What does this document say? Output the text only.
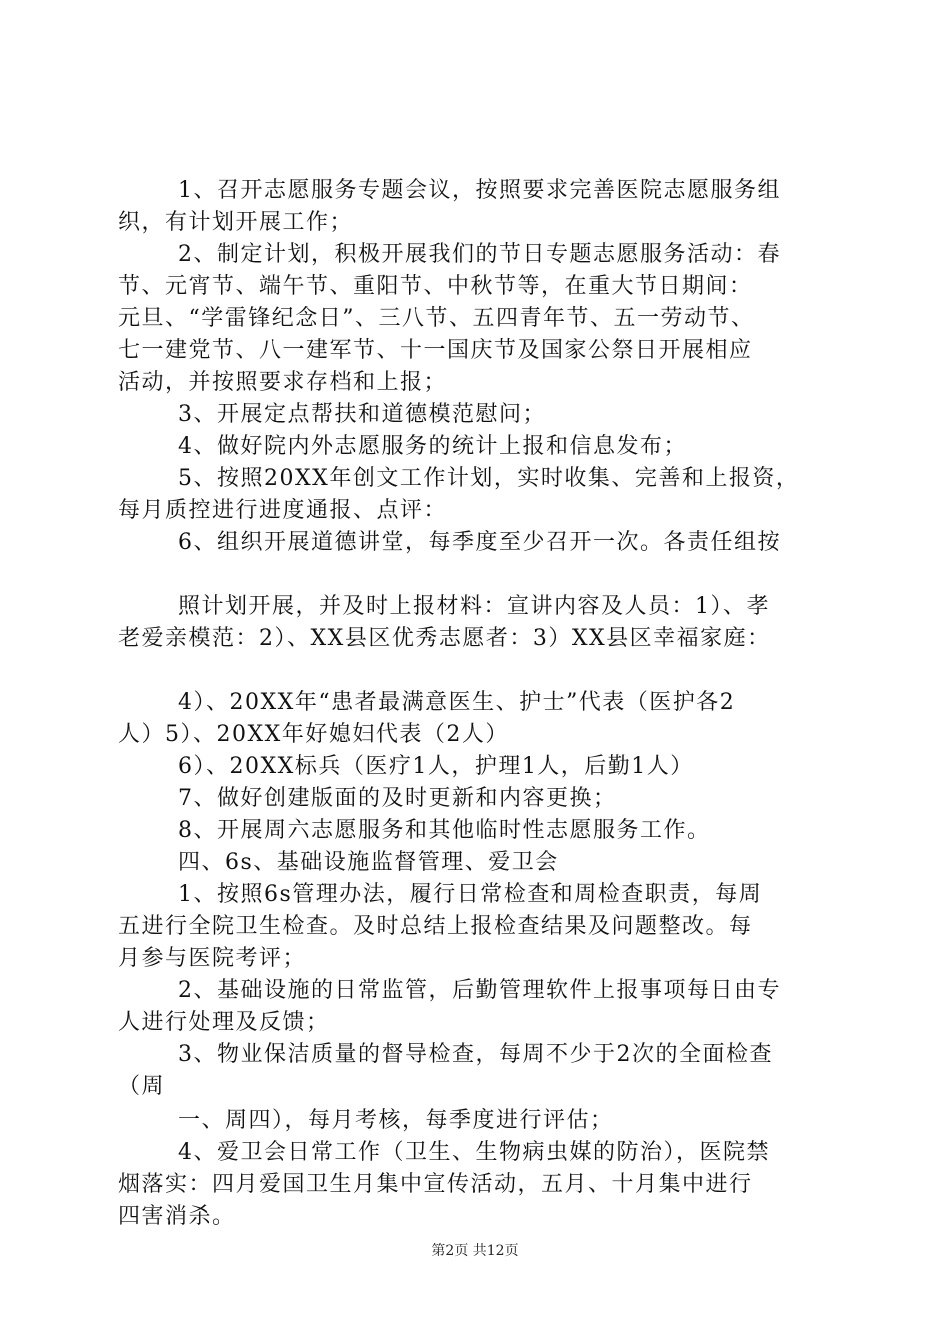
1、召开志愿服务专题会议，按照要求完善医院志愿服务组
织，有计划开展工作；
2、制定计划，积极开展我们的节日专题志愿服务活动：春
节、元宵节、端午节、重阳节、中秋节等，在重大节日期间：
元旦、“学雷锋纪念日”、三八节、五四青年节、五一劳动节、
七一建党节、八一建军节、十一国庆节及国家公祭日开展相应
活动，并按照要求存档和上报；
3、开展定点帮扶和道德模范慰问；
4、做好院内外志愿服务的统计上报和信息发布；
5、按照20XX年创文工作计划，实时收集、完善和上报资，
每月质控进行进度通报、点评：
6、组织开展道德讲堂，每季度至少召开一次。各责任组按
照计划开展，并及时上报材料：宣讲内容及人员：1）、孝
老爱亲模范：2）、XX县区优秀志愿者：3）XX县区幸福家庭：
4）、20XX年“患者最满意医生、护士”代表（医护各2
人）5）、20XX年好媳妇代表（2人）
6）、20XX标兵（医疗1人，护理1人，后勤1人）
7、做好创建版面的及时更新和内容更换；
8、开展周六志愿服务和其他临时性志愿服务工作。
四、6s、基础设施监督管理、爱卫会
1、按照6s管理办法，履行日常检查和周检查职责，每周
五进行全院卫生检查。及时总结上报检查结果及问题整改。每
月参与医院考评；
2、基础设施的日常监管，后勤管理软件上报事项每日由专
人进行处理及反馈；
3、物业保洁质量的督导检查，每周不少于2次的全面检查
（周
一、周四），每月考核，每季度进行评估；
4、爱卫会日常工作（卫生、生物病虫媒的防治），医院禁
烟落实：四月爱国卫生月集中宣传活动，五月、十月集中进行
四害消杀。
第2页 共12页
